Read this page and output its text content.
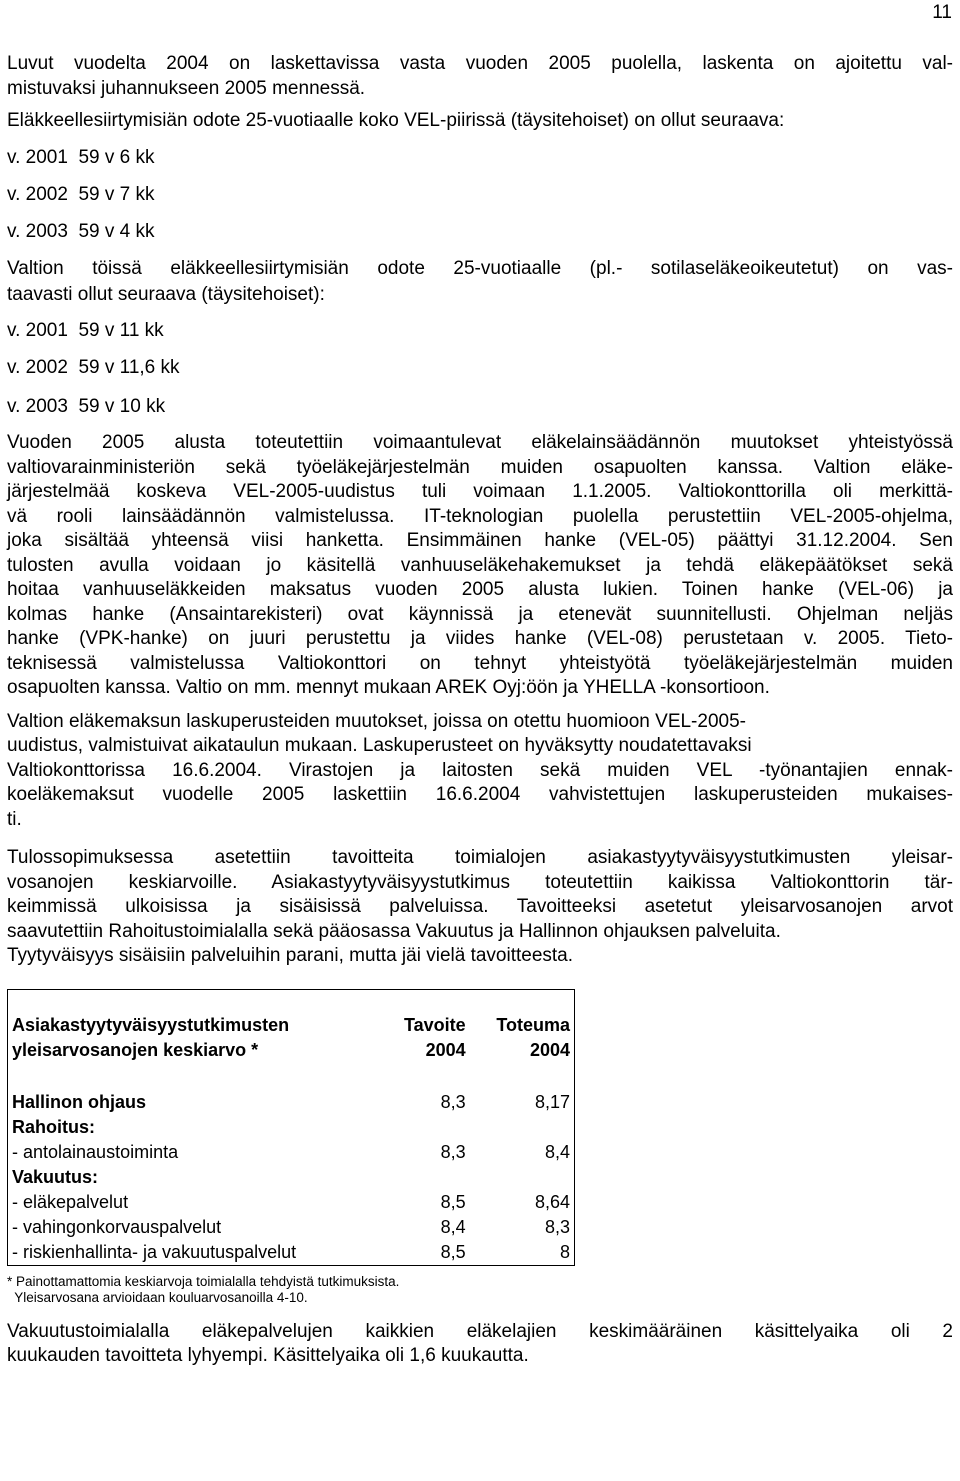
11
Luvut vuodelta 2004 on laskettavissa vasta vuoden 2005 puolella, laskenta on ajoitettu val-
mistuvaksi juhannukseen 2005 mennessä.
Eläkkeellesiirtymisiän odote 25-vuotiaalle koko VEL-piirissä (täysitehoiset) on ollut seuraava:
v. 2001  59 v 6 kk
v. 2002  59 v 7 kk
v. 2003  59 v 4 kk
Valtion töissä eläkkeellesiirtymisiän odote 25-vuotiaalle (pl.- sotilaseläkeoikeutetut) on vas-
taavasti ollut seuraava (täysitehoiset):
v. 2001  59 v 11 kk
v. 2002  59 v 11,6 kk
v. 2003  59 v 10 kk
Vuoden 2005 alusta toteutettiin voimaantulevat eläkelainsäädännön muutokset yhteistyössä
valtiovarainministeriön sekä työeläkejärjestelmän muiden osapuolten kanssa. Valtion eläke-
järjestelmää koskeva VEL-2005-uudistus tuli voimaan 1.1.2005. Valtiokonttorilla oli merkittä-
vä rooli lainsäädännön valmistelussa. IT-teknologian puolella perustettiin VEL-2005-ohjelma,
joka sisältää yhteensä viisi hanketta. Ensimmäinen hanke (VEL-05) päättyi 31.12.2004. Sen
tulosten avulla voidaan jo käsitellä vanhuuseläkehakemukset ja tehdä eläkepäätökset sekä
hoitaa vanhuuseläkkeiden maksatus vuoden 2005 alusta lukien. Toinen hanke (VEL-06) ja
kolmas hanke (Ansaintarekisteri) ovat käynnissä ja etenevät suunnitellusti. Ohjelman neljäs
hanke (VPK-hanke) on juuri perustettu ja viides hanke (VEL-08) perustetaan v. 2005. Tieto-
teknisessä valmistelussa Valtiokonttori on tehnyt yhteistyötä työeläkejärjestelmän muiden
osapuolten kanssa. Valtio on mm. mennyt mukaan AREK Oyj:öön ja YHELLA -konsortioon.
Valtion eläkemaksun laskuperusteiden muutokset, joissa on otettu huomioon VEL-2005-
uudistus, valmistuivat aikataulun mukaan. Laskuperusteet on hyväksytty noudatettavaksi
Valtiokonttorissa 16.6.2004. Virastojen ja laitosten sekä muiden VEL -työnantajien ennak-
koeläkemaksut vuodelle 2005 laskettiin 16.6.2004 vahvistettujen laskuperusteiden mukaises-
ti.
Tulossopimuksessa asetettiin tavoitteita toimialojen asiakastyytyväisyystutkimusten yleisar-
vosanojen keskiarvoille. Asiakastyytyväisyystutkimus toteutettiin kaikissa Valtiokonttorin tär-
keimmissä ulkoisissa ja sisäisissä palveluissa. Tavoitteeksi asetetut yleisarvosanojen arvot
saavutettiin Rahoitustoimialalla sekä pääosassa Vakuutus ja Hallinnon ohjauksen palveluita.
Tyytyväisyys sisäisiin palveluihin parani, mutta jäi vielä tavoitteesta.

Asiakastyytyväisyystutkimusten	Tavoite	Toteuma
yleisarvosanojen keskiarvo *	2004	2004

Hallinon ohjaus	8,3	8,17
Rahoitus:		
- antolainaustoiminta	8,3	8,4
Vakuutus:		
- eläkepalvelut	8,5	8,64
- vahingonkorvauspalvelut	8,4	8,3
- riskienhallinta- ja vakuutuspalvelut	8,5	8
* Painottamattomia keskiarvoja toimialalla tehdyistä tutkimuksista.
Yleisarvosana arvioidaan kouluarvosanoilla 4-10.
Vakuutustoimialalla eläkepalvelujen kaikkien eläkelajien keskimääräinen käsittelyaika oli 2
kuukauden tavoitteta lyhyempi. Käsittelyaika oli 1,6 kuukautta.
